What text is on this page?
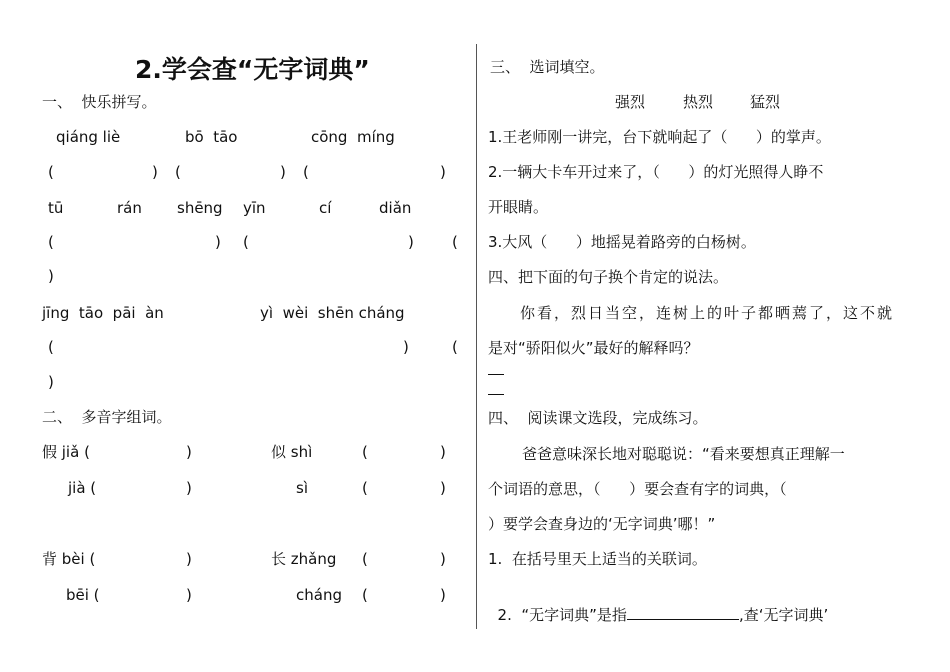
2.学会查“无字词典”
一、  快乐拼写。
qiáng liè	bō  tāo	cōng  míng
(	) (	) (	)
tū	rán shēng yīn	cí	diǎn
(	) (	)	(
)
jīng  tāo  pāi  àn	yì  wèi  shēn cháng
(	)	(
)
二、  多音字组词。
假 jiǎ (	)	似 shì	(	)
jià (	)	sì	(	)
背 bèi (	)	长 zhǎng (	)
bēi (	)	cháng (	)
三、  选词填空。
强烈	热烈 猛烈
1.王老师刚一讲完，台下就响起了（      ）的掌声。
2.一辆大卡车开过来了，（      ）的灯光照得人睁不
开眼睛。
3.大风（      ）地摇晃着路旁的白杨树。
四、把下面的句子换个肯定的说法。
你看，烈日当空，连树上的叶子都晒蔫了，这不就
是对“骄阳似火”最好的解释吗？
四、  阅读课文选段，完成练习。
爸爸意味深长地对聪聪说：“看来要想真正理解一
个词语的意思，（      ）要会查有字的词典，（
）要学会查身边的‘无字词典’哪！”
1.  在括号里天上适当的关联词。

2.  “无字词典”是指	,查‘无字词典’
